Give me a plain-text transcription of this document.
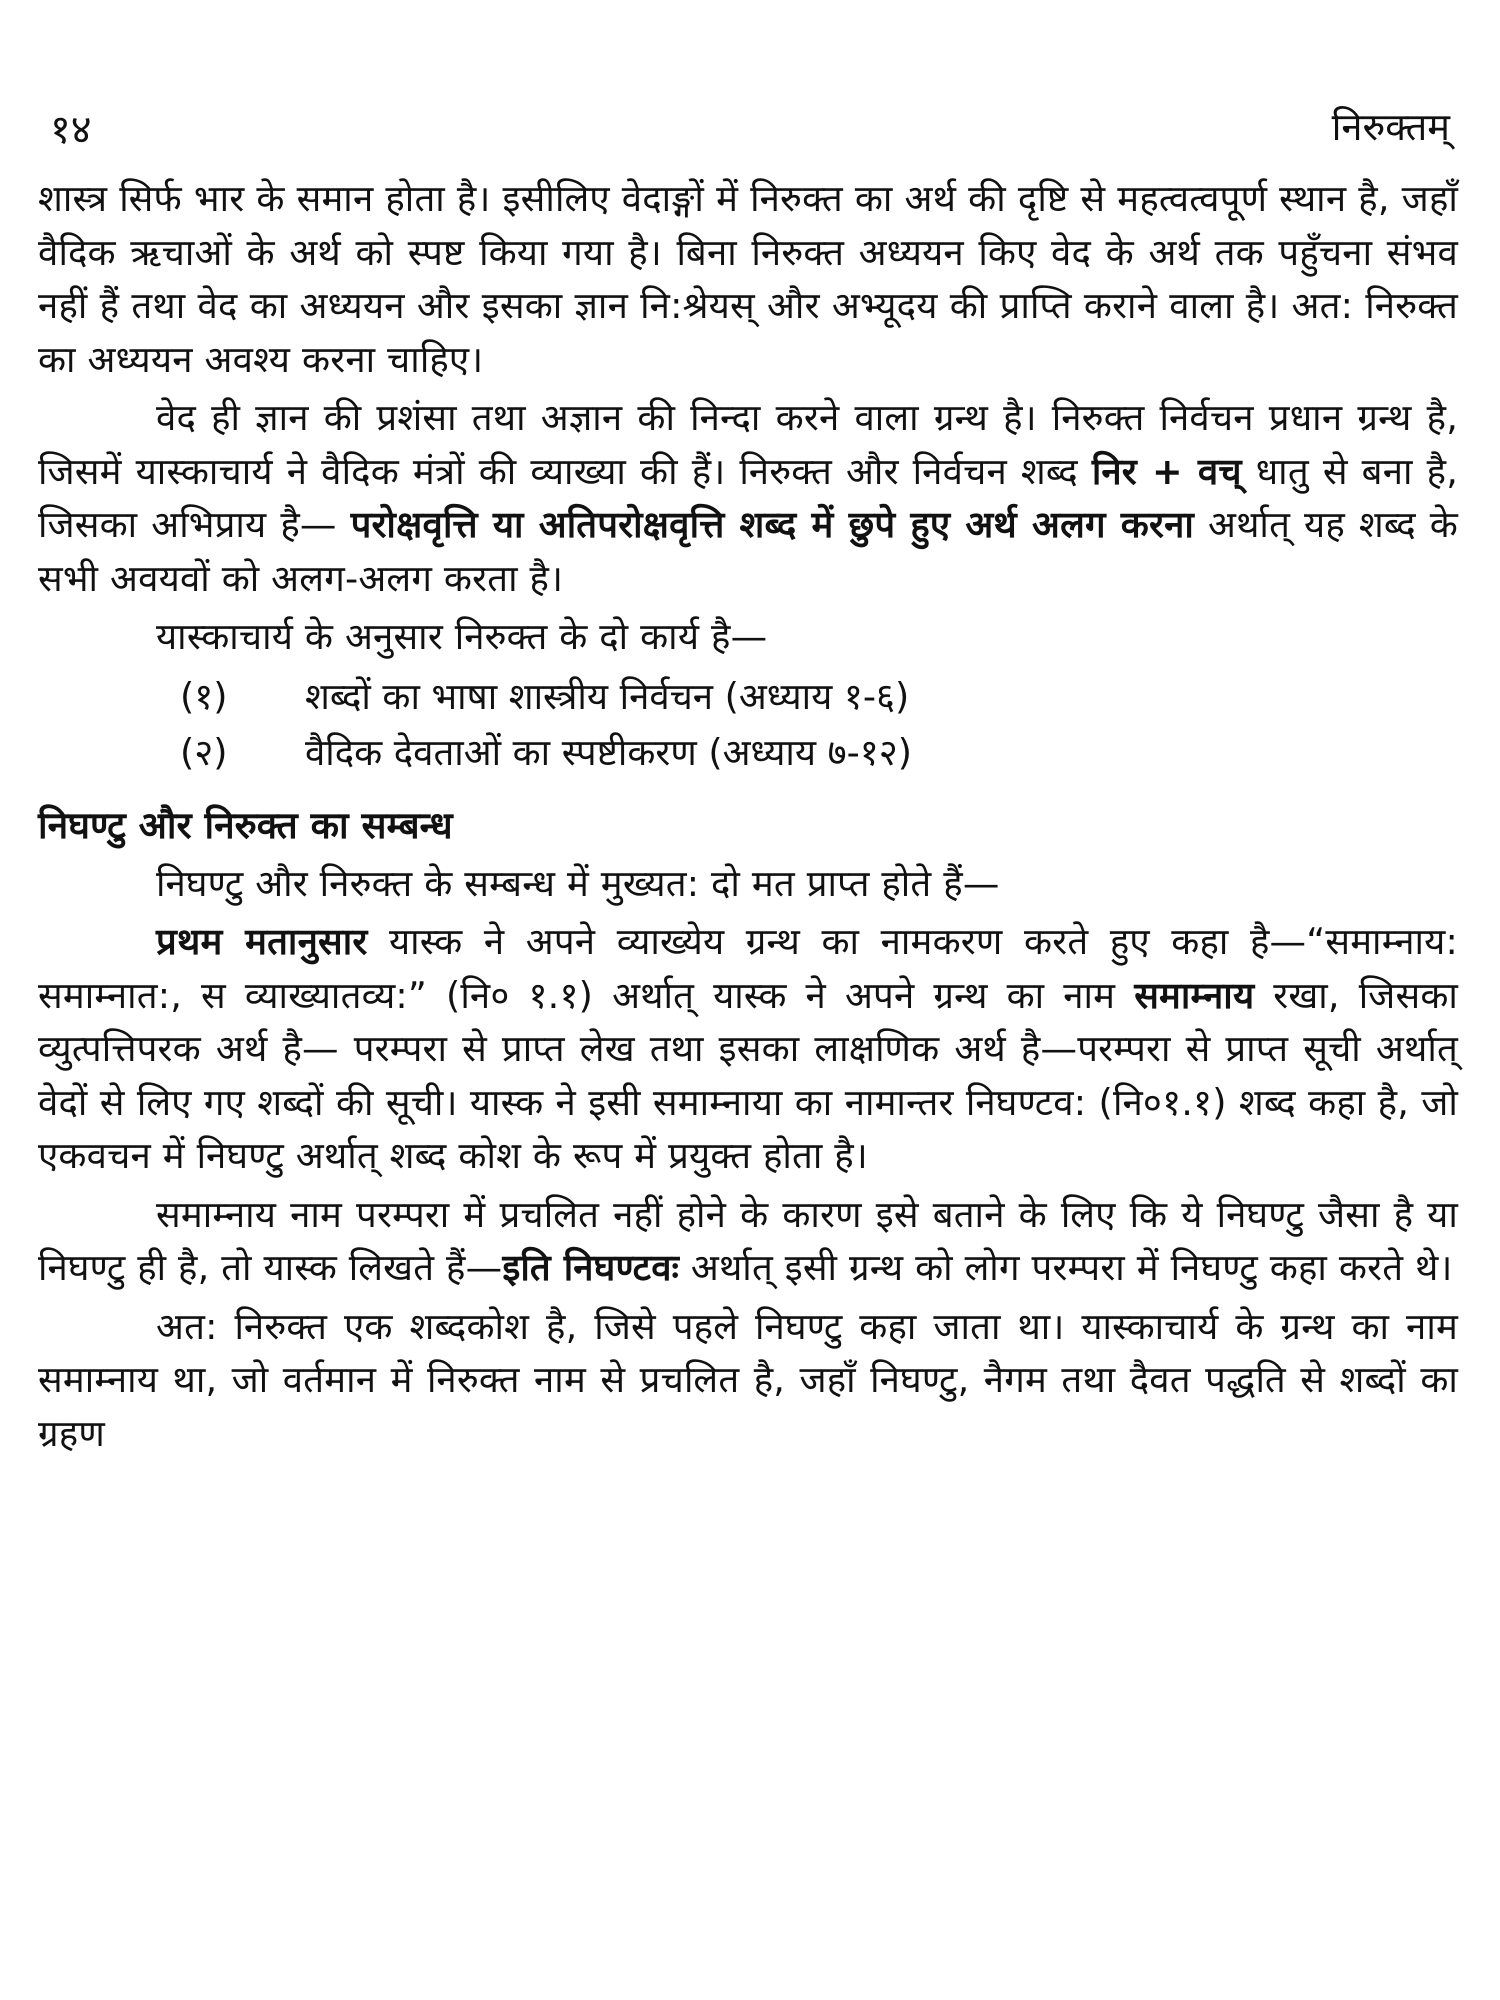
१४	निरुक्तम्

शास्त्र सिर्फ भार के समान होता है। इसीलिए वेदाङ्गों में निरुक्त का अर्थ की दृष्टि से महत्वत्वपूर्ण स्थान है, जहाँ वैदिक ऋचाओं के अर्थ को स्पष्ट किया गया है। बिना निरुक्त अध्ययन किए वेद के अर्थ तक पहुँचना संभव नहीं हैं तथा वेद का अध्ययन और इसका ज्ञान नि:श्रेयस् और अभ्यूदय की प्राप्ति कराने वाला है। अत: निरुक्त का अध्ययन अवश्य करना चाहिए।

वेद ही ज्ञान की प्रशंसा तथा अज्ञान की निन्दा करने वाला ग्रन्थ है। निरुक्त निर्वचन प्रधान ग्रन्थ है, जिसमें यास्काचार्य ने वैदिक मंत्रों की व्याख्या की हैं। निरुक्त और निर्वचन शब्द निर + वच् धातु से बना है, जिसका अभिप्राय है— परोक्षवृत्ति या अतिपरोक्षवृत्ति शब्द में छुपे हुए अर्थ अलग करना अर्थात् यह शब्द के सभी अवयवों को अलग-अलग करता है।

यास्काचार्य के अनुसार निरुक्त के दो कार्य है—

(१)	शब्दों का भाषा शास्त्रीय निर्वचन (अध्याय १-६)
(२)	वैदिक देवताओं का स्पष्टीकरण (अध्याय ७-१२)
निघण्टु और निरुक्त का सम्बन्ध

निघण्टु और निरुक्त के सम्बन्ध में मुख्यत: दो मत प्राप्त होते हैं—

प्रथम मतानुसार यास्क ने अपने व्याख्येय ग्रन्थ का नामकरण करते हुए कहा है—“समाम्नाय: समाम्नात:, स व्याख्यातव्य:” (नि० १.१) अर्थात् यास्क ने अपने ग्रन्थ का नाम समाम्नाय रखा, जिसका व्युत्पत्तिपरक अर्थ है— परम्परा से प्राप्त लेख तथा इसका लाक्षणिक अर्थ है—परम्परा से प्राप्त सूची अर्थात् वेदों से लिए गए शब्दों की सूची। यास्क ने इसी समाम्नाया का नामान्तर निघण्टव: (नि०१.१) शब्द कहा है, जो एकवचन में निघण्टु अर्थात् शब्द कोश के रूप में प्रयुक्त होता है।

समाम्नाय नाम परम्परा में प्रचलित नहीं होने के कारण इसे बताने के लिए कि ये निघण्टु जैसा है या निघण्टु ही है, तो यास्क लिखते हैं—इति निघण्टवः अर्थात् इसी ग्रन्थ को लोग परम्परा में निघण्टु कहा करते थे।

अत: निरुक्त एक शब्दकोश है, जिसे पहले निघण्टु कहा जाता था। यास्काचार्य के ग्रन्थ का नाम समाम्नाय था, जो वर्तमान में निरुक्त नाम से प्रचलित है, जहाँ निघण्टु, नैगम तथा दैवत पद्धति से शब्दों का ग्रहण
